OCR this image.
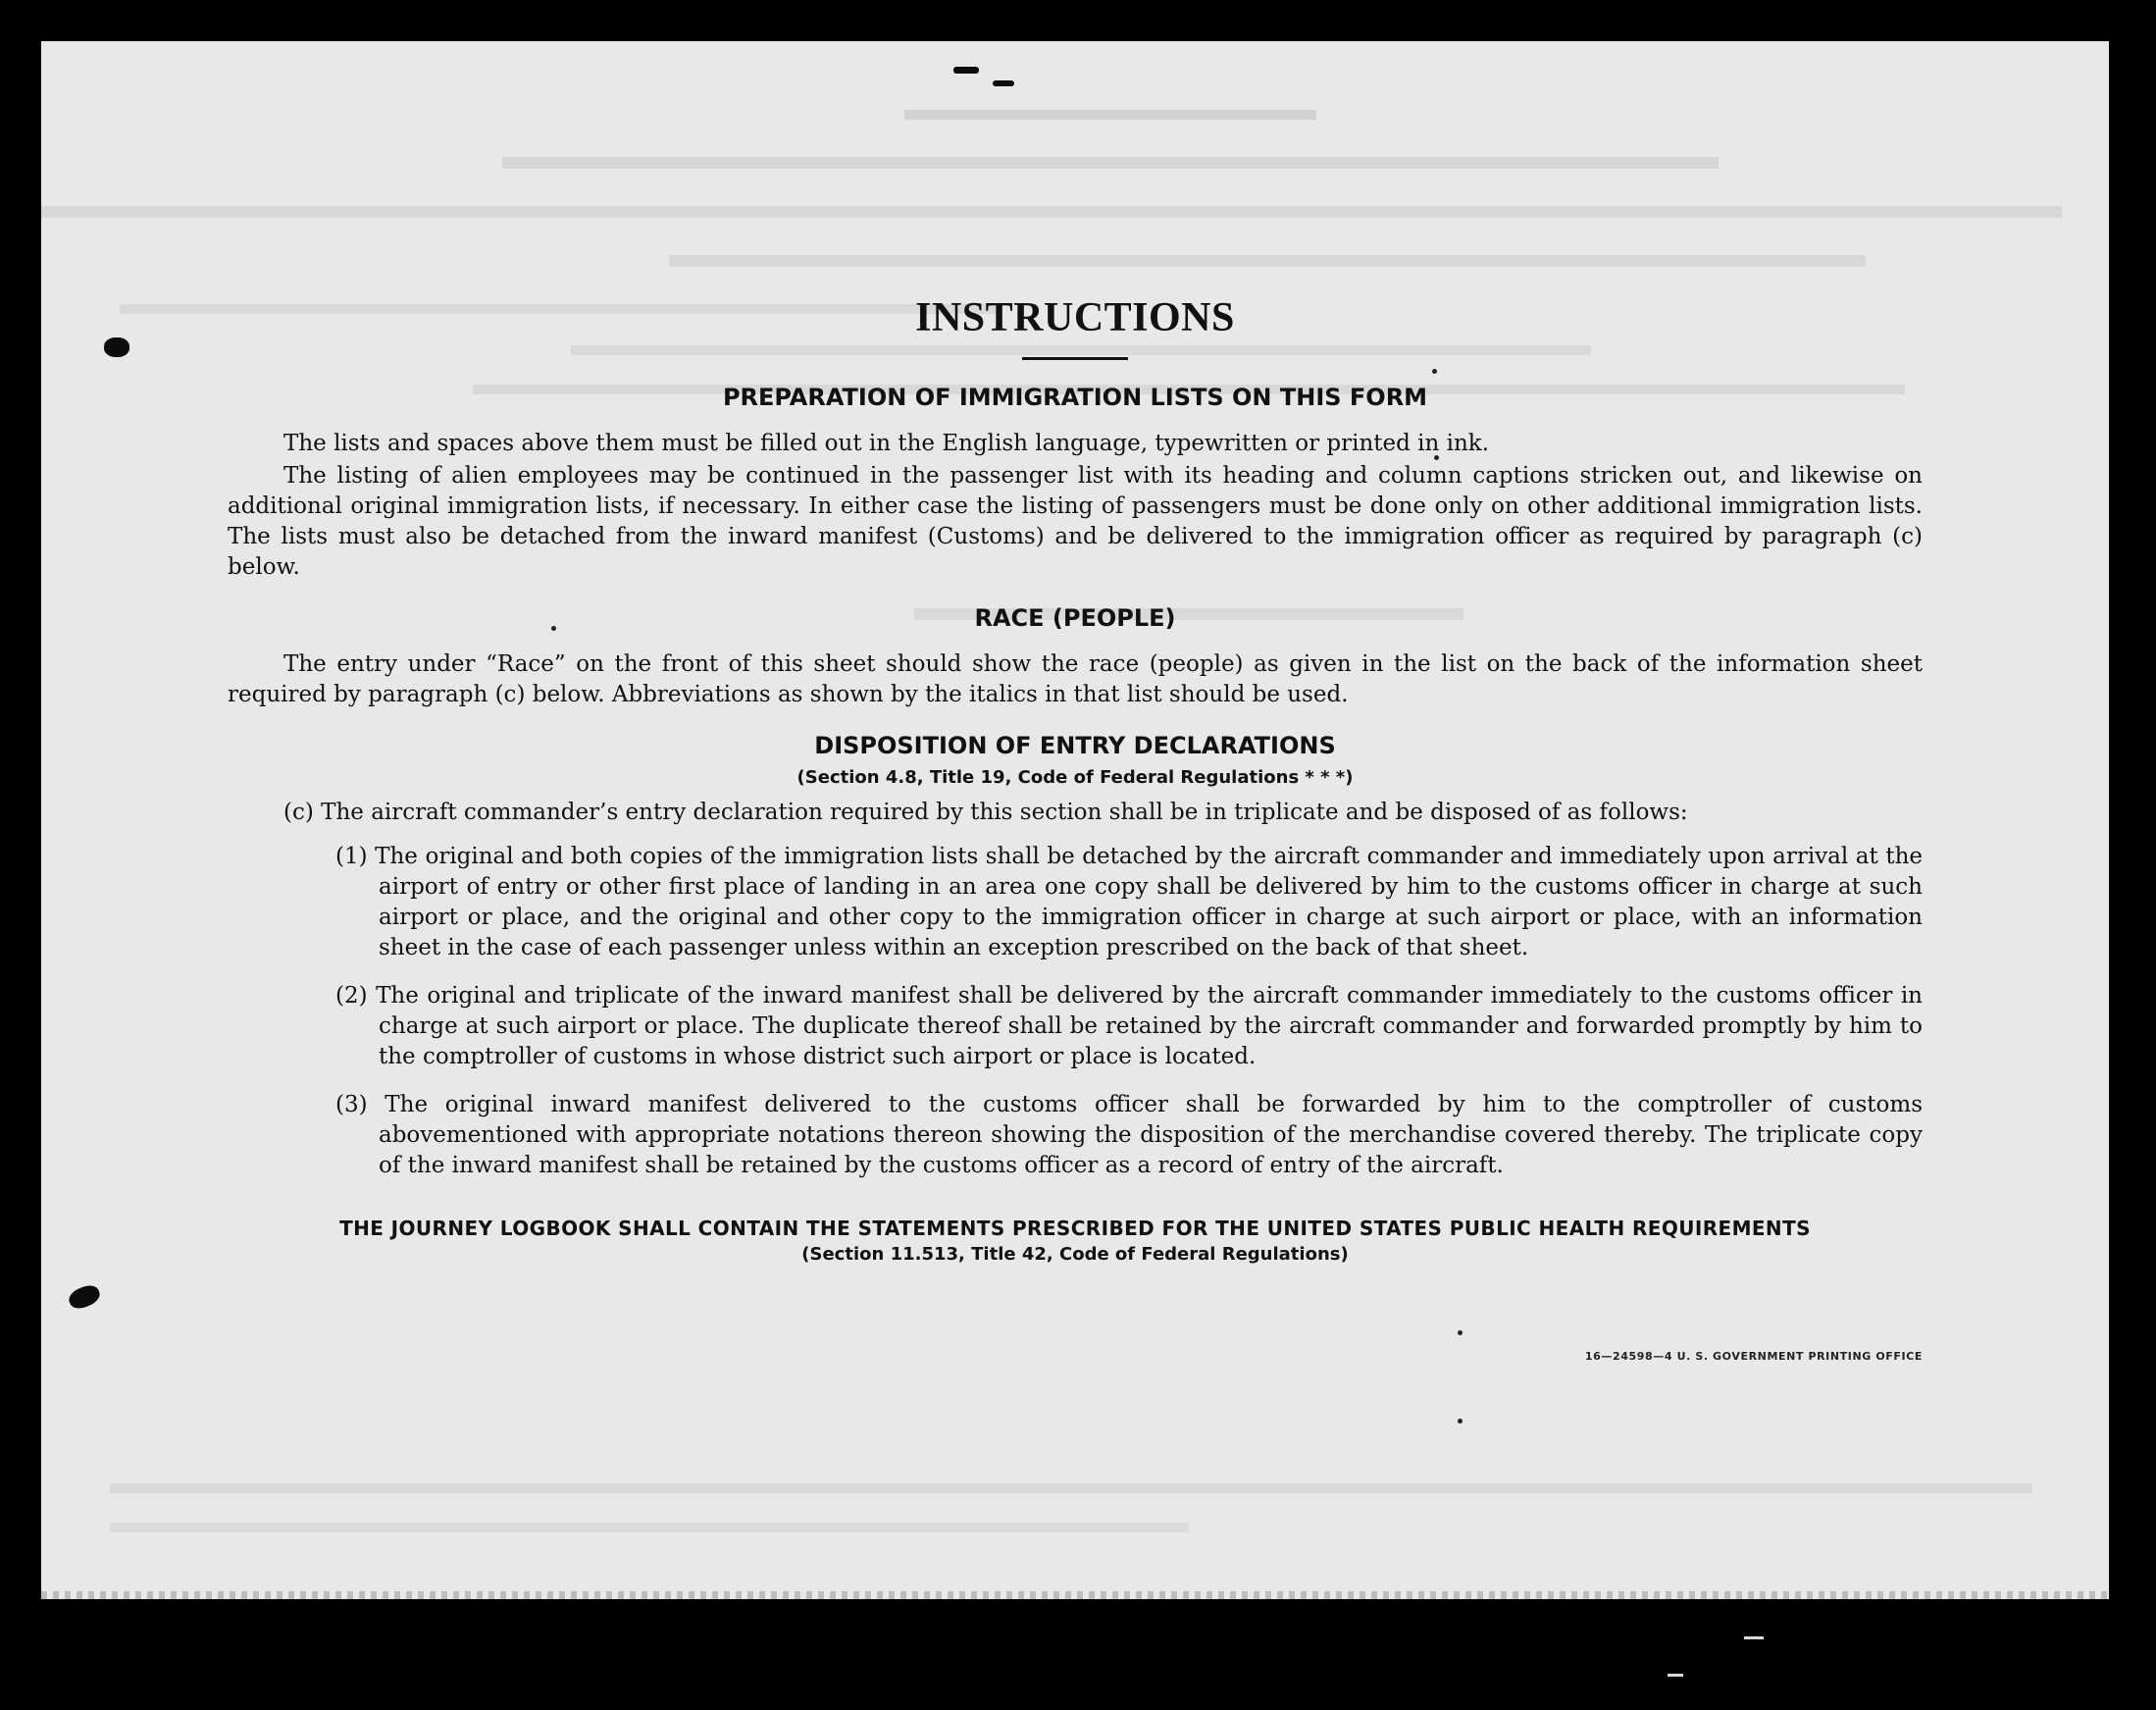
INSTRUCTIONS
PREPARATION OF IMMIGRATION LISTS ON THIS FORM

The lists and spaces above them must be filled out in the English language, typewritten or printed in ink.

The listing of alien employees may be continued in the passenger list with its heading and column captions stricken out, and likewise on additional original immigration lists, if necessary. In either case the listing of passengers must be done only on other additional immigration lists. The lists must also be detached from the inward manifest (Customs) and be delivered to the immigration officer as required by paragraph (c) below.

RACE (PEOPLE)

The entry under “Race” on the front of this sheet should show the race (people) as given in the list on the back of the information sheet required by paragraph (c) below. Abbreviations as shown by the italics in that list should be used.

DISPOSITION OF ENTRY DECLARATIONS
(Section 4.8, Title 19, Code of Federal Regulations * * *)

(c) The aircraft commander’s entry declaration required by this section shall be in triplicate and be disposed of as follows:

(1) The original and both copies of the immigration lists shall be detached by the aircraft commander and immediately upon arrival at the airport of entry or other first place of landing in an area one copy shall be delivered by him to the customs officer in charge at such airport or place, and the original and other copy to the immigration officer in charge at such airport or place, with an information sheet in the case of each passenger unless within an exception prescribed on the back of that sheet.

(2) The original and triplicate of the inward manifest shall be delivered by the aircraft commander immediately to the customs officer in charge at such airport or place. The duplicate thereof shall be retained by the aircraft commander and forwarded promptly by him to the comptroller of customs in whose district such airport or place is located.

(3) The original inward manifest delivered to the customs officer shall be forwarded by him to the comptroller of customs abovementioned with appropriate notations thereon showing the disposition of the merchandise covered thereby. The triplicate copy of the inward manifest shall be retained by the customs officer as a record of entry of the aircraft.

THE JOURNEY LOGBOOK SHALL CONTAIN THE STATEMENTS PRESCRIBED FOR THE UNITED STATES PUBLIC HEALTH REQUIREMENTS
(Section 11.513, Title 42, Code of Federal Regulations)
16—24598—4 U. S. GOVERNMENT PRINTING OFFICE
